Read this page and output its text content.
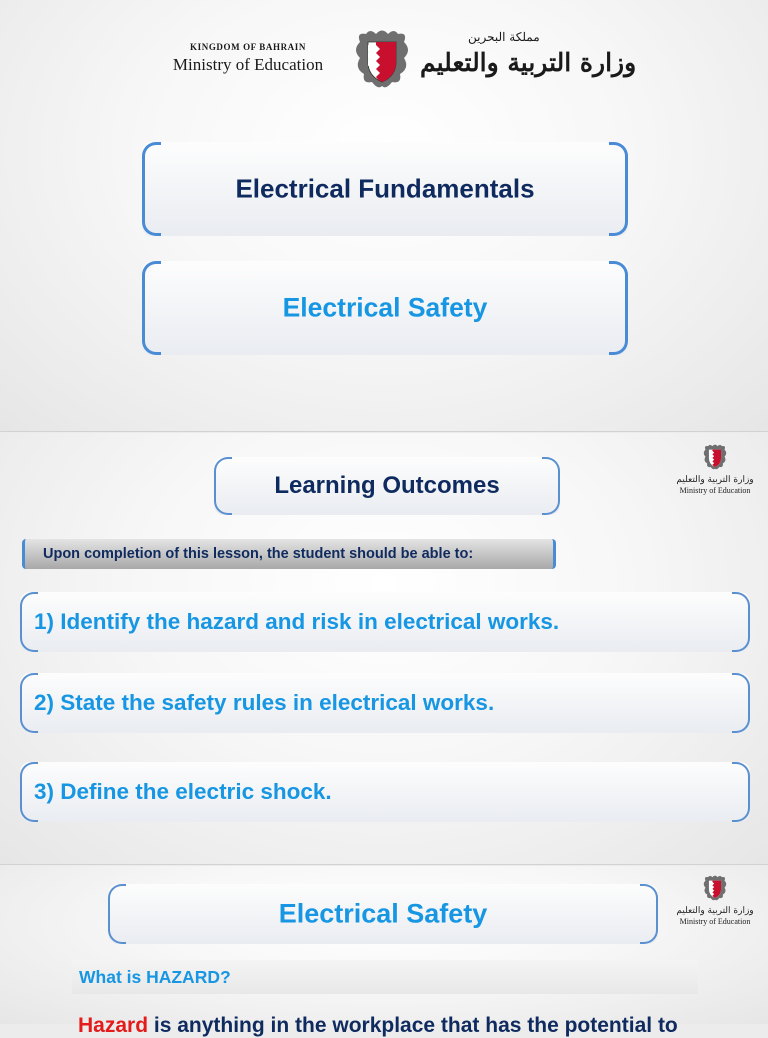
KINGDOM OF BAHRAIN
Ministry of Education
مملكة البحرين
وزارة التربية والتعليم
Electrical Fundamentals
Electrical Safety
Learning Outcomes	وزارة التربية والتعليم
Ministry of Education
Upon completion of this lesson, the student should be able to:
1) Identify the hazard and risk in electrical works.
2) State the safety rules in electrical works.
3) Define the electric shock.
Electrical Safety	وزارة التربية والتعليم
Ministry of Education
What is HAZARD?
Hazard is anything in the workplace that has the potential to
